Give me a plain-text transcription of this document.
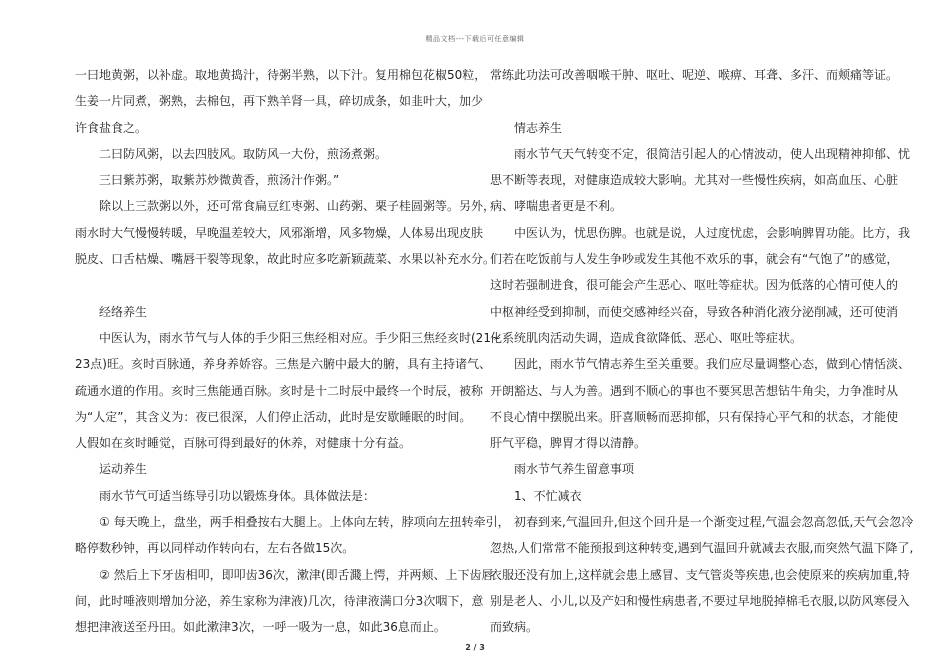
精品文档---下载后可任意编辑
一曰地黄粥，以补虚。取地黄捣汁，待粥半熟，以下汁。复用棉包花椒50粒，
生姜一片同煮，粥熟，去棉包，再下熟羊肾一具，碎切成条，如韭叶大，加少
许食盐食之。
二曰防风粥，以去四肢风。取防风一大份，煎汤煮粥。
三曰紫苏粥，取紫苏炒微黄香，煎汤汁作粥。”
除以上三款粥以外，还可常食扁豆红枣粥、山药粥、栗子桂圆粥等。另外，
雨水时大气慢慢转暖，早晚温差较大，风邪渐增，风多物燥，人体易出现皮肤
脱皮、口舌枯燥、嘴唇干裂等现象，故此时应多吃新颖蔬菜、水果以补充水分。
经络养生
中医认为，雨水节气与人体的手少阳三焦经相对应。手少阳三焦经亥时(21~
23点)旺。亥时百脉通，养身养娇容。三焦是六腑中最大的腑，具有主持诸气、
疏通水道的作用。亥时三焦能通百脉。亥时是十二时辰中最终一个时辰，被称
为“人定”，其含义为：夜已很深，人们停止活动，此时是安歇睡眠的时间。
人假如在亥时睡觉，百脉可得到最好的休养，对健康十分有益。
运动养生
雨水节气可适当练导引功以锻炼身体。具体做法是：
① 每天晚上，盘坐，两手相叠按右大腿上。上体向左转，脖项向左扭转牵引，
略停数秒钟，再以同样动作转向右，左右各做15次。
② 然后上下牙齿相叩，即叩齿36次，漱津(即舌濺上愕，并两颊、上下齿唇
间，此时唾液则增加分泌，养生家称为津液)几次，待津液满口分3次咽下，意
想把津液送至丹田。如此漱津3次，一呼一吸为一息，如此36息而止。
常练此功法可改善咽喉干肿、呕吐、呢逆、喉痹、耳聋、多汗、而颊痛等证。
情志养生
雨水节气天气转变不定，很简洁引起人的心情波动，使人出现精神抑郁、忧
思不断等表现，对健康造成较大影响。尤其对一些慢性疾病，如高血压、心脏
病、哮喘患者更是不利。
中医认为，忧思伤脾。也就是说，人过度忧虑，会影响脾胃功能。比方，我
们若在吃饭前与人发生争吵或发生其他不欢乐的事，就会有“气饱了”的感觉，
这时若强制进食，很可能会产生恶心、呕吐等症状。因为低落的心情可使人的
中枢神经受到抑制，而使交感神经兴奋，导致各种消化液分泌削减，还可使消
化系统肌肉活动失调，造成食欲降低、恶心、呕吐等症状。
因此，雨水节气情志养生至关重要。我们应尽量调整心态，做到心情恬淡、
开朗豁达、与人为善。遇到不顺心的事也不要冥思苦想钻牛角尖，力争准时从
不良心情中摆脱出来。肝喜顺畅而恶抑郁，只有保持心平气和的状态，才能使
肝气平稳，脾胃才得以清静。
雨水节气养生留意事项
1、不忙减衣
初春到来,气温回升,但这个回升是一个渐变过程,气温会忽高忽低,天气会忽冷
忽热,人们常常不能预报到这种转变,遇到气温回升就减去衣服,而突然气温下降了,
衣服还没有加上,这样就会患上感冒、支气管炎等疾患,也会使原来的疾病加重,特
别是老人、小儿,以及产妇和慢性病患者,不要过早地脱掉棉毛衣服,以防风寒侵入
而致病。
2 / 3
